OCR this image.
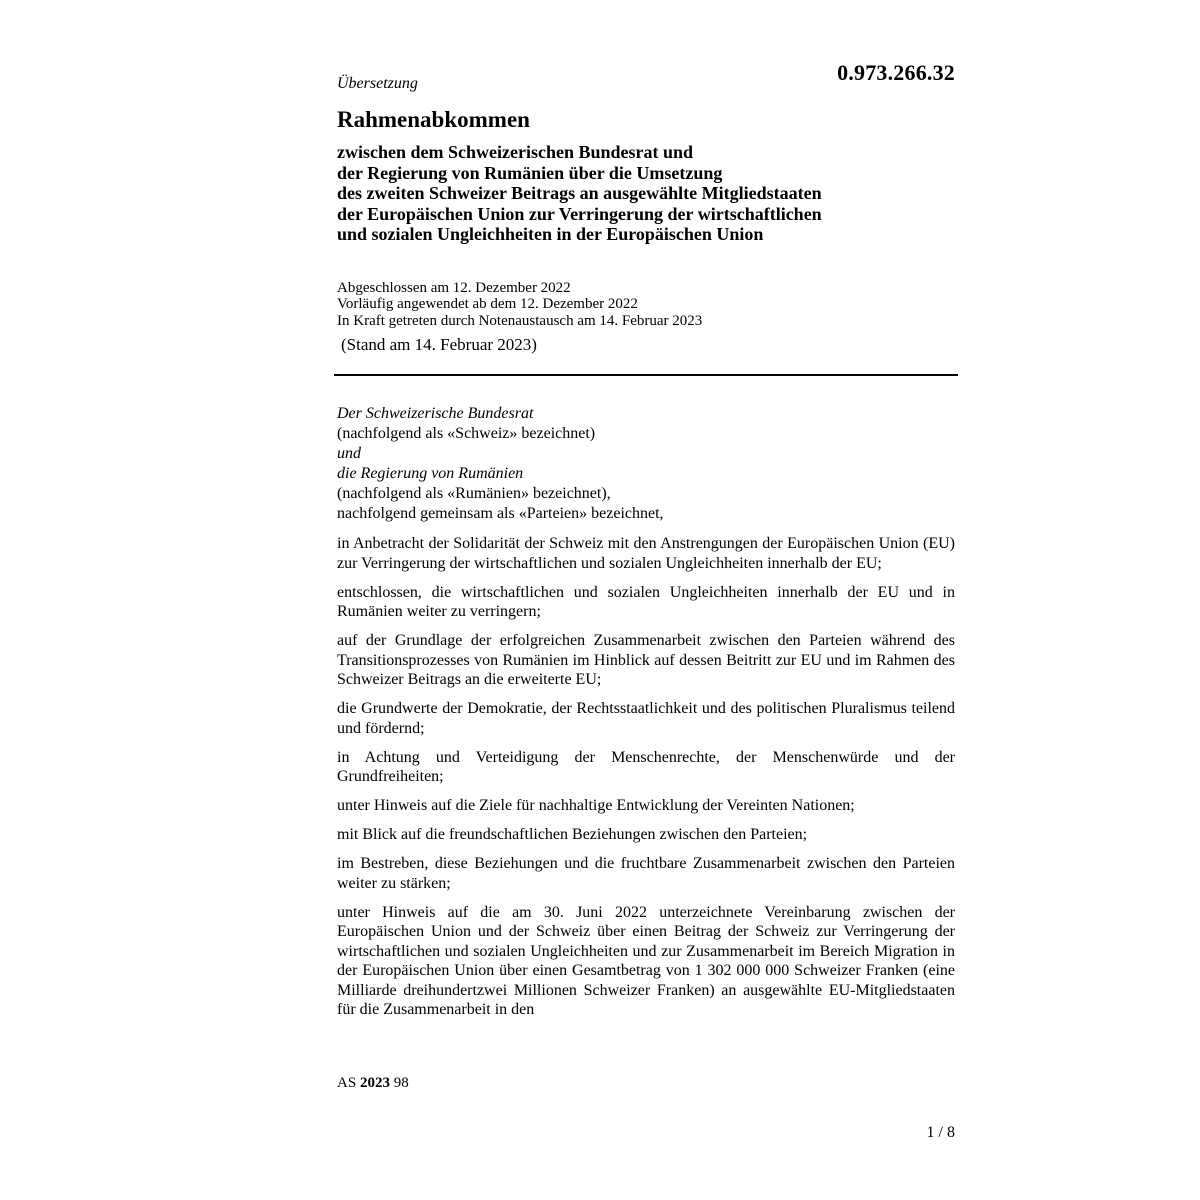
0.973.266.32
Übersetzung
Rahmenabkommen
zwischen dem Schweizerischen Bundesrat und
der Regierung von Rumänien über die Umsetzung
des zweiten Schweizer Beitrags an ausgewählte Mitgliedstaaten
der Europäischen Union zur Verringerung der wirtschaftlichen
und sozialen Ungleichheiten in der Europäischen Union
Abgeschlossen am 12. Dezember 2022
Vorläufig angewendet ab dem 12. Dezember 2022
In Kraft getreten durch Notenaustausch am 14. Februar 2023
(Stand am 14. Februar 2023)
Der Schweizerische Bundesrat
(nachfolgend als «Schweiz» bezeichnet)
und
die Regierung von Rumänien
(nachfolgend als «Rumänien» bezeichnet),
nachfolgend gemeinsam als «Parteien» bezeichnet,

in Anbetracht der Solidarität der Schweiz mit den Anstrengungen der Europäischen Union (EU) zur Verringerung der wirtschaftlichen und sozialen Ungleichheiten innerhalb der EU;

entschlossen, die wirtschaftlichen und sozialen Ungleichheiten innerhalb der EU und in Rumänien weiter zu verringern;

auf der Grundlage der erfolgreichen Zusammenarbeit zwischen den Parteien während des Transitionsprozesses von Rumänien im Hinblick auf dessen Beitritt zur EU und im Rahmen des Schweizer Beitrags an die erweiterte EU;

die Grundwerte der Demokratie, der Rechtsstaatlichkeit und des politischen Pluralismus teilend und fördernd;

in Achtung und Verteidigung der Menschenrechte, der Menschenwürde und der Grundfreiheiten;

unter Hinweis auf die Ziele für nachhaltige Entwicklung der Vereinten Nationen;

mit Blick auf die freundschaftlichen Beziehungen zwischen den Parteien;

im Bestreben, diese Beziehungen und die fruchtbare Zusammenarbeit zwischen den Parteien weiter zu stärken;

unter Hinweis auf die am 30. Juni 2022 unterzeichnete Vereinbarung zwischen der Europäischen Union und der Schweiz über einen Beitrag der Schweiz zur Verringerung der wirtschaftlichen und sozialen Ungleichheiten und zur Zusammenarbeit im Bereich Migration in der Europäischen Union über einen Gesamtbetrag von 1 302 000 000 Schweizer Franken (eine Milliarde dreihundertzwei Millionen Schweizer Franken) an ausgewählte EU-Mitgliedstaaten für die Zusammenarbeit in den

AS 2023 98
1 / 8
